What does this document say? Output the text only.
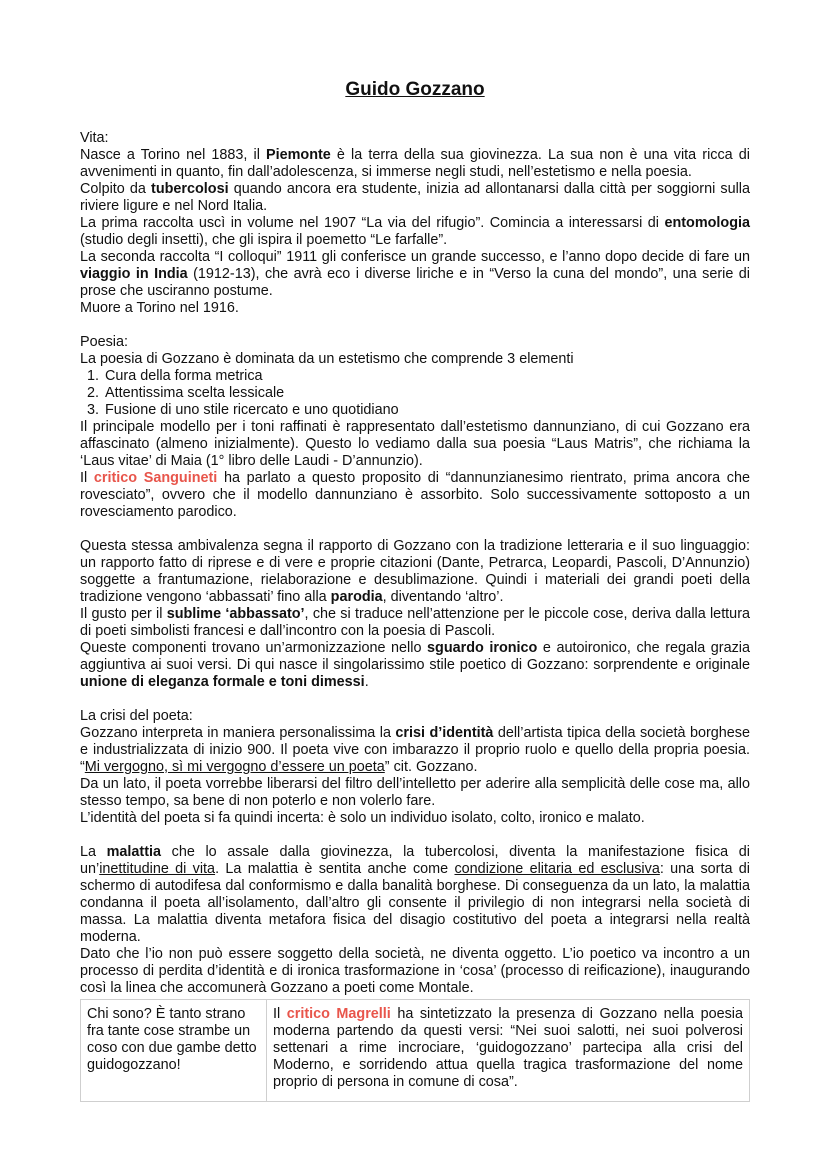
Guido Gozzano

Vita:

Nasce a Torino nel 1883, il Piemonte è la terra della sua giovinezza. La sua non è una vita ricca di avvenimenti in quanto, fin dall’adolescenza, si immerse negli studi, nell’estetismo e nella poesia.

Colpito da tubercolosi quando ancora era studente, inizia ad allontanarsi dalla città per soggiorni sulla riviere ligure e nel Nord Italia.

La prima raccolta uscì in volume nel 1907 “La via del rifugio”. Comincia a interessarsi di entomologia (studio degli insetti), che gli ispira il poemetto “Le farfalle”.

La seconda raccolta “I colloqui” 1911 gli conferisce un grande successo, e l’anno dopo decide di fare un viaggio in India (1912-13), che avrà eco i diverse liriche e in “Verso la cuna del mondo”, una serie di prose che usciranno postume.

Muore a Torino nel 1916.

Poesia:

La poesia di Gozzano è dominata da un estetismo che comprende 3 elementi

1. Cura della forma metrica
2. Attentissima scelta lessicale
3. Fusione di uno stile ricercato e uno quotidiano

Il principale modello per i toni raffinati è rappresentato dall’estetismo dannunziano, di cui Gozzano era affascinato (almeno inizialmente). Questo lo vediamo dalla sua poesia “Laus Matris”, che richiama la ‘Laus vitae’ di Maia (1° libro delle Laudi - D’annunzio).

Il critico Sanguineti ha parlato a questo proposito di “dannunzianesimo rientrato, prima ancora che rovesciato”, ovvero che il modello dannunziano è assorbito. Solo successivamente sottoposto a un rovesciamento parodico.

Questa stessa ambivalenza segna il rapporto di Gozzano con la tradizione letteraria e il suo linguaggio: un rapporto fatto di riprese e di vere e proprie citazioni (Dante, Petrarca, Leopardi, Pascoli, D’Annunzio) soggette a frantumazione, rielaborazione e desublimazione. Quindi i materiali dei grandi poeti della tradizione vengono ‘abbassati’ fino alla parodia, diventando ‘altro’.

Il gusto per il sublime ‘abbassato’, che si traduce nell’attenzione per le piccole cose, deriva dalla lettura di poeti simbolisti francesi e dall’incontro con la poesia di Pascoli.

Queste componenti trovano un’armonizzazione nello sguardo ironico e autoironico, che regala grazia aggiuntiva ai suoi versi. Di qui nasce il singolarissimo stile poetico di Gozzano: sorprendente e originale unione di eleganza formale e toni dimessi.

La crisi del poeta:

Gozzano interpreta in maniera personalissima la crisi d’identità dell’artista tipica della società borghese e industrializzata di inizio 900. Il poeta vive con imbarazzo il proprio ruolo e quello della propria poesia. “Mi vergogno, sì mi vergogno d’essere un poeta” cit. Gozzano.

Da un lato, il poeta vorrebbe liberarsi del filtro dell’intelletto per aderire alla semplicità delle cose ma, allo stesso tempo, sa bene di non poterlo e non volerlo fare.

L’identità del poeta si fa quindi incerta: è solo un individuo isolato, colto, ironico e malato.

La malattia che lo assale dalla giovinezza, la tubercolosi, diventa la manifestazione fisica di un’inettitudine di vita. La malattia è sentita anche come condizione elitaria ed esclusiva: una sorta di schermo di autodifesa dal conformismo e dalla banalità borghese. Di conseguenza da un lato, la malattia condanna il poeta all’isolamento, dall’altro gli consente il privilegio di non integrarsi nella società di massa. La malattia diventa metafora fisica del disagio costitutivo del poeta a integrarsi nella realtà moderna.

Dato che l’io non può essere soggetto della società, ne diventa oggetto. L’io poetico va incontro a un processo di perdita d’identità e di ironica trasformazione in ‘cosa’ (processo di reificazione), inaugurando così la linea che accomunerà Gozzano a poeti come Montale.

Chi sono? È tanto strano fra tante cose strambe un coso con due gambe detto guidogozzano!	Il critico Magrelli ha sintetizzato la presenza di Gozzano nella poesia moderna partendo da questi versi: “Nei suoi salotti, nei suoi polverosi settenari a rime incrociare, ‘guidogozzano’ partecipa alla crisi del Moderno, e sorridendo attua quella tragica trasformazione del nome proprio di persona in comune di cosa”.
